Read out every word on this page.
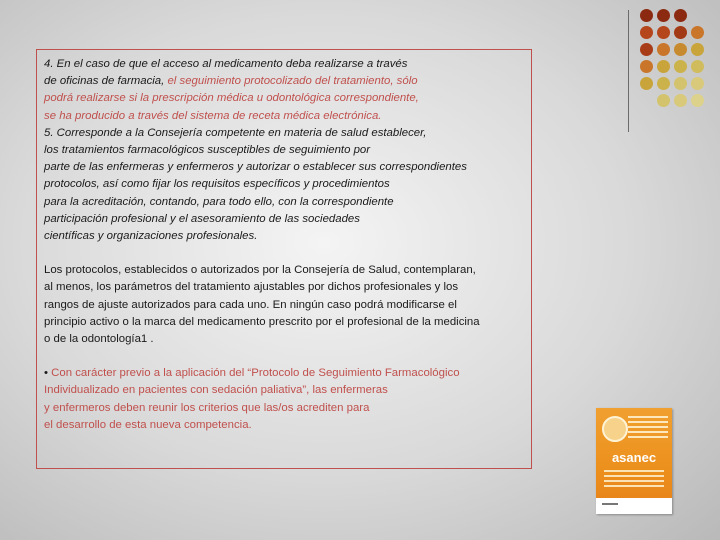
4. En el caso de que el acceso al medicamento deba realizarse a través
de oficinas de farmacia, el seguimiento protocolizado del tratamiento, sólo
podrá realizarse si la prescripción médica u odontológica correspondiente,
se ha producido a través del sistema de receta médica electrónica.
5. Corresponde a la Consejería competente en materia de salud establecer,
los tratamientos farmacológicos susceptibles de seguimiento por
parte de las enfermeras y enfermeros y autorizar o establecer sus correspondientes
protocolos, así como fijar los requisitos específicos y procedimientos
para la acreditación, contando, para todo ello, con la correspondiente
participación profesional y el asesoramiento de las sociedades
científicas y organizaciones profesionales.

Los protocolos, establecidos o autorizados por la Consejería de Salud, contemplaran,
al menos, los parámetros del tratamiento ajustables por dichos profesionales y los
rangos de ajuste autorizados para cada uno. En ningún caso podrá modificarse el
principio activo o la marca del medicamento prescrito por el profesional de la medicina
o de la odontología1 .

• Con carácter previo a la aplicación del “Protocolo de Seguimiento Farmacológico
Individualizado en pacientes con sedación paliativa”, las enfermeras
y enfermeros deben reunir los criterios que las/os acrediten para
el desarrollo de esta nueva competencia.

asanec
